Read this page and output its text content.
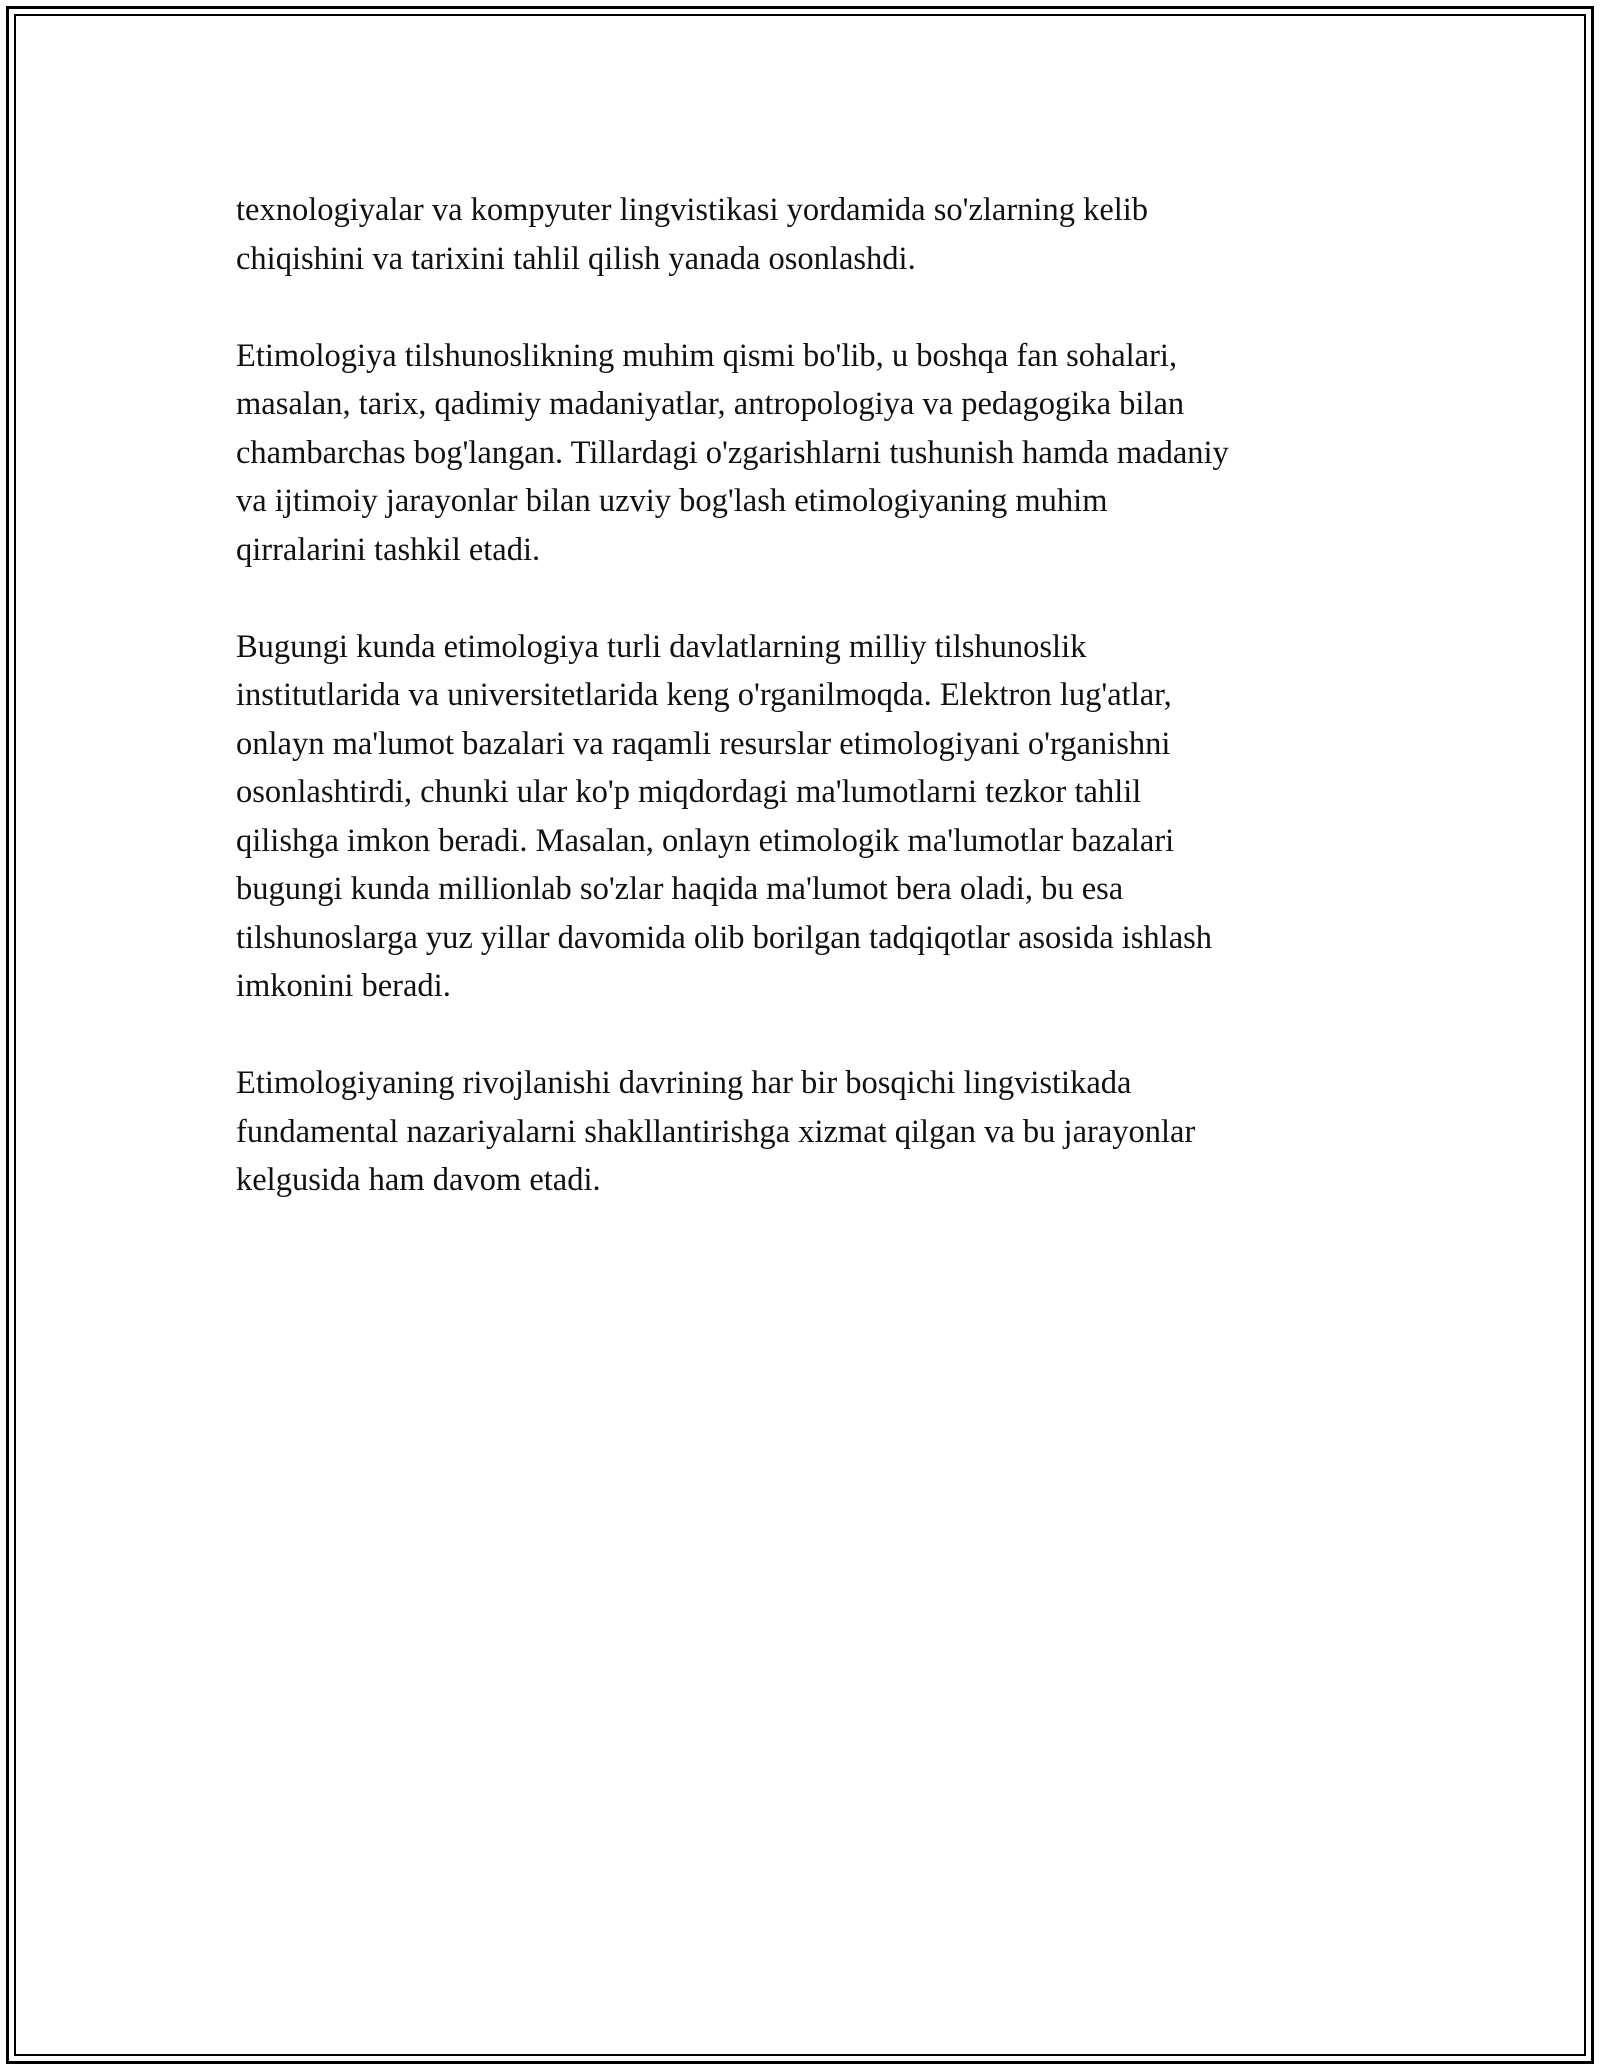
texnologiyalar va kompyuter lingvistikasi yordamida so'zlarning kelib
chiqishini va tarixini tahlil qilish yanada osonlashdi.

Etimologiya tilshunoslikning muhim qismi bo'lib, u boshqa fan sohalari,
masalan, tarix, qadimiy madaniyatlar, antropologiya va pedagogika bilan
chambarchas bog'langan. Tillardagi o'zgarishlarni tushunish hamda madaniy
va ijtimoiy jarayonlar bilan uzviy bog'lash etimologiyaning muhim
qirralarini tashkil etadi.

Bugungi kunda etimologiya turli davlatlarning milliy tilshunoslik
institutlarida va universitetlarida keng o'rganilmoqda. Elektron lug'atlar,
onlayn ma'lumot bazalari va raqamli resurslar etimologiyani o'rganishni
osonlashtirdi, chunki ular ko'p miqdordagi ma'lumotlarni tezkor tahlil
qilishga imkon beradi. Masalan, onlayn etimologik ma'lumotlar bazalari
bugungi kunda millionlab so'zlar haqida ma'lumot bera oladi, bu esa
tilshunoslarga yuz yillar davomida olib borilgan tadqiqotlar asosida ishlash
imkonini beradi.

Etimologiyaning rivojlanishi davrining har bir bosqichi lingvistikada
fundamental nazariyalarni shakllantirishga xizmat qilgan va bu jarayonlar
kelgusida ham davom etadi.
